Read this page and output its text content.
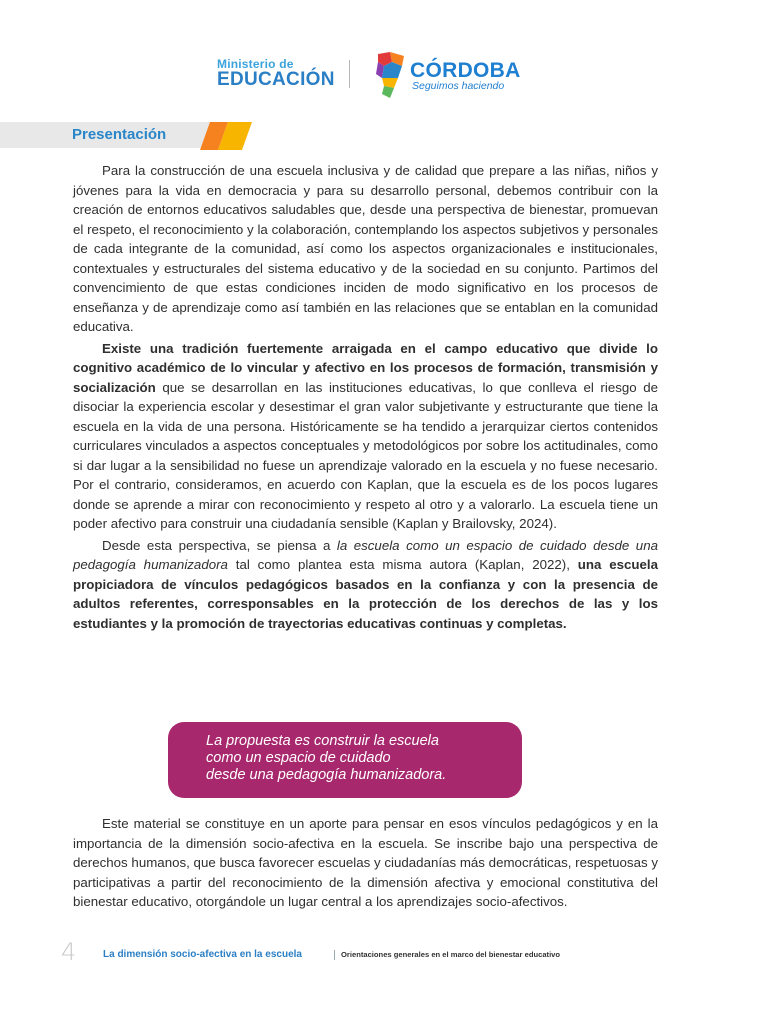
Ministerio de
EDUCACIÓN	CÓRDOBA
Seguimos haciendo
Presentación

Para la construcción de una escuela inclusiva y de calidad que prepare a las niñas, niños y jóvenes para la vida en democracia y para su desarrollo personal, debemos contribuir con la creación de entornos educativos saludables que, desde una perspectiva de bienestar, promuevan el respeto, el reconocimiento y la colaboración, contemplando los aspectos subjetivos y personales de cada integrante de la comunidad, así como los aspectos organizacionales e institucionales, contextuales y estructurales del sistema educativo y de la sociedad en su conjunto. Partimos del convencimiento de que estas condiciones inciden de modo significativo en los procesos de enseñanza y de aprendizaje como así también en las relaciones que se entablan en la comunidad educativa.

Existe una tradición fuertemente arraigada en el campo educativo que divide lo cognitivo académico de lo vincular y afectivo en los procesos de formación, transmisión y socialización que se desarrollan en las instituciones educativas, lo que conlleva el riesgo de disociar la experiencia escolar y desestimar el gran valor subjetivante y estructurante que tiene la escuela en la vida de una persona. Históricamente se ha tendido a jerarquizar ciertos contenidos curriculares vinculados a aspectos conceptuales y metodológicos por sobre los actitudinales, como si dar lugar a la sensibilidad no fuese un aprendizaje valorado en la escuela y no fuese necesario. Por el contrario, consideramos, en acuerdo con Kaplan, que la escuela es de los pocos lugares donde se aprende a mirar con reconocimiento y respeto al otro y a valorarlo. La escuela tiene un poder afectivo para construir una ciudadanía sensible (Kaplan y Brailovsky, 2024).

Desde esta perspectiva, se piensa a la escuela como un espacio de cuidado desde una pedagogía humanizadora tal como plantea esta misma autora (Kaplan, 2022), una escuela propiciadora de vínculos pedagógicos basados en la confianza y con la presencia de adultos referentes, corresponsables en la protección de los derechos de las y los estudiantes y la promoción de trayectorias educativas continuas y completas.

La propuesta es construir la escuela
como un espacio de cuidado
desde una pedagogía humanizadora.

Este material se constituye en un aporte para pensar en esos vínculos pedagógicos y en la importancia de la dimensión socio-afectiva en la escuela. Se inscribe bajo una perspectiva de derechos humanos, que busca favorecer escuelas y ciudadanías más democráticas, respetuosas y participativas a partir del reconocimiento de la dimensión afectiva y emocional constitutiva del bienestar educativo, otorgándole un lugar central a los aprendizajes socio-afectivos.

4	La dimensión socio-afectiva en la escuela	Orientaciones generales en el marco del bienestar educativo
